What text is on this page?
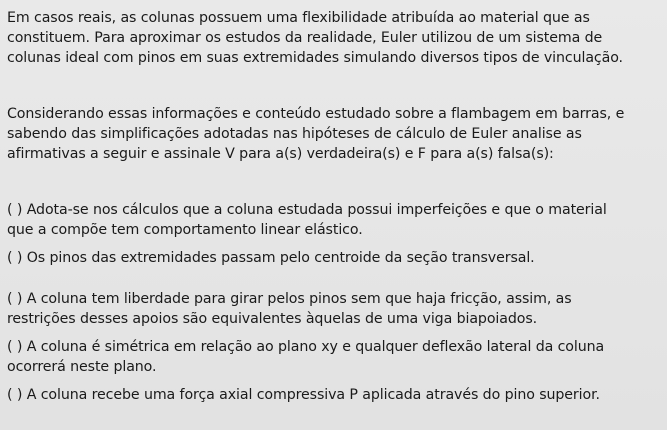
Em casos reais, as colunas possuem uma flexibilidade atribuída ao material que as

constituem. Para aproximar os estudos da realidade, Euler utilizou de um sistema de

colunas ideal com pinos em suas extremidades simulando diversos tipos de vinculação.

Considerando essas informações e conteúdo estudado sobre a flambagem em barras, e

sabendo das simplificações adotadas nas hipóteses de cálculo de Euler analise as

afirmativas a seguir e assinale V para a(s) verdadeira(s) e F para a(s) falsa(s):

( ) Adota-se nos cálculos que a coluna estudada possui imperfeições e que o material

que a compõe tem comportamento linear elástico.

( ) Os pinos das extremidades passam pelo centroide da seção transversal.

( ) A coluna tem liberdade para girar pelos pinos sem que haja fricção, assim, as

restrições desses apoios são equivalentes àquelas de uma viga biapoiados.

( ) A coluna é simétrica em relação ao plano xy e qualquer deflexão lateral da coluna

ocorrerá neste plano.

( ) A coluna recebe uma força axial compressiva P aplicada através do pino superior.
